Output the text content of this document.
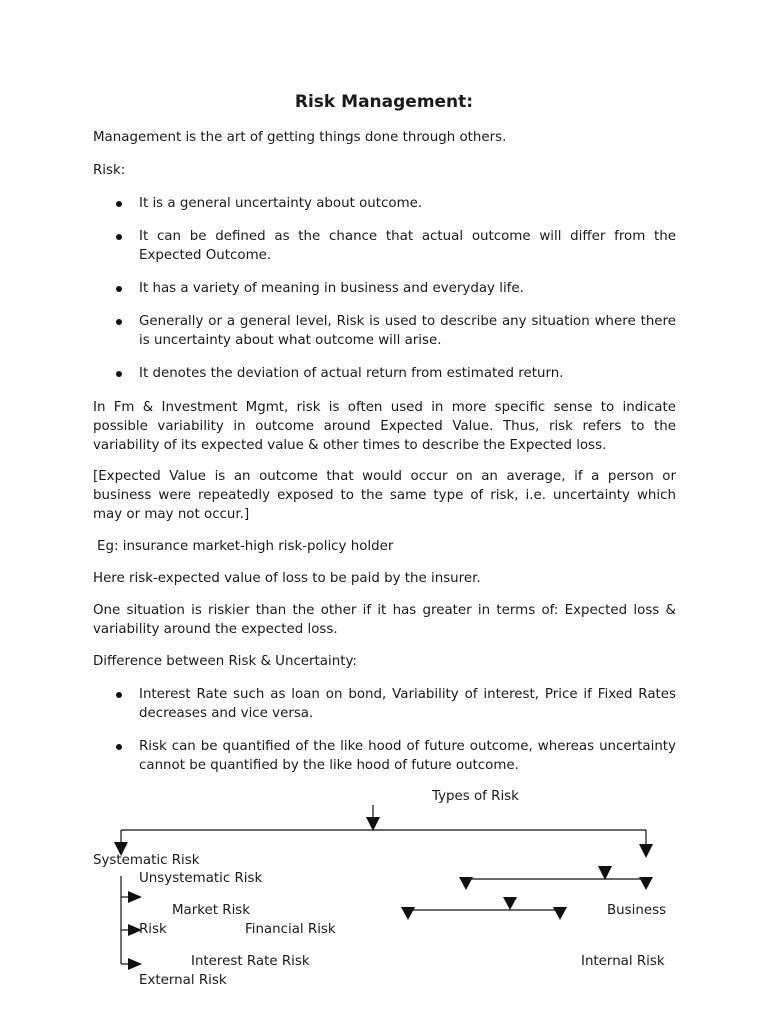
Risk Management:
Management is the art of getting things done through others.
Risk:
It is a general uncertainty about outcome.
It can be defined as the chance that actual outcome will differ from the Expected Outcome.
It has a variety of meaning in business and everyday life.
Generally or a general level, Risk is used to describe any situation where there is uncertainty about what outcome will arise.
It denotes the deviation of actual return from estimated return.
In Fm & Investment Mgmt, risk is often used in more specific sense to indicate possible variability in outcome around Expected Value. Thus, risk refers to the variability of its expected value & other times to describe the Expected loss.
[Expected Value is an outcome that would occur on an average, if a person or business were repeatedly exposed to the same type of risk, i.e. uncertainty which may or may not occur.]
Eg: insurance market-high risk-policy holder
Here risk-expected value of loss to be paid by the insurer.
One situation is riskier than the other if it has greater in terms of: Expected loss & variability around the expected loss.
Difference between Risk & Uncertainty:
Interest Rate such as loan on bond, Variability of interest, Price if Fixed Rates decreases and vice versa.
Risk can be quantified of the like hood of future outcome, whereas uncertainty cannot be quantified by the like hood of future outcome.
Types of Risk
Systematic Risk
Unsystematic Risk
Market Risk	Business
Risk	Financial Risk
Interest Rate Risk	Internal Risk
External Risk
